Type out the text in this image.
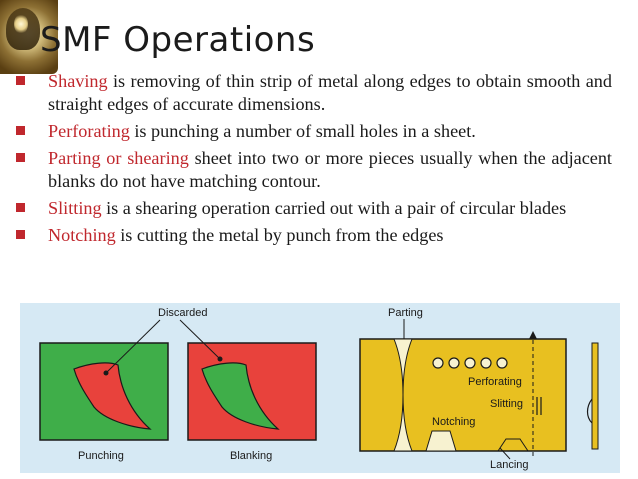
SMF Operations
Shaving is removing of thin strip of metal along edges to obtain smooth and straight edges of accurate dimensions.
Perforating is punching a number of small holes in a sheet.
Parting or shearing sheet into two or more pieces usually when the adjacent blanks do not have matching contour.
Slitting is a shearing operation carried out with a pair of circular blades
Notching is cutting the metal by punch from the edges
Discarded
Punching	Blanking
Parting
Perforating
Slitting
Notching
Lancing
